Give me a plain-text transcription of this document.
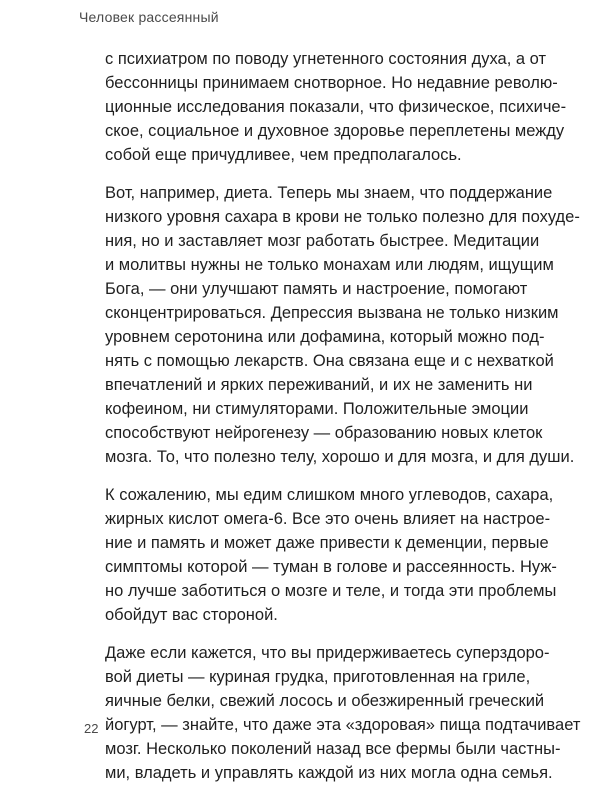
Человек рассеянный
с психиатром по поводу угнетенного состояния духа, а от
бессонницы принимаем снотворное. Но недавние револю-
ционные исследования показали, что физическое, психиче-
ское, социальное и духовное здоровье переплетены между
собой еще причудливее, чем предполагалось.
Вот, например, диета. Теперь мы знаем, что поддержание
низкого уровня сахара в крови не только полезно для похуде-
ния, но и заставляет мозг работать быстрее. Медитации
и молитвы нужны не только монахам или людям, ищущим
Бога, — они улучшают память и настроение, помогают
сконцентрироваться. Депрессия вызвана не только низким
уровнем серотонина или дофамина, который можно под-
нять с помощью лекарств. Она связана еще и с нехваткой
впечатлений и ярких переживаний, и их не заменить ни
кофеином, ни стимуляторами. Положительные эмоции
способствуют нейрогенезу — образованию новых клеток
мозга. То, что полезно телу, хорошо и для мозга, и для души.
К сожалению, мы едим слишком много углеводов, сахара,
жирных кислот омега-6. Все это очень влияет на настрое-
ние и память и может даже привести к деменции, первые
симптомы которой — туман в голове и рассеянность. Нуж-
но лучше заботиться о мозге и теле, и тогда эти проблемы
обойдут вас стороной.
Даже если кажется, что вы придерживаетесь суперздоро-
вой диеты — куриная грудка, приготовленная на гриле,
яичные белки, свежий лосось и обезжиренный греческий
йогурт, — знайте, что даже эта «здоровая» пища подтачивает
мозг. Несколько поколений назад все фермы были частны-
ми, владеть и управлять каждой из них могла одна семья.
22
